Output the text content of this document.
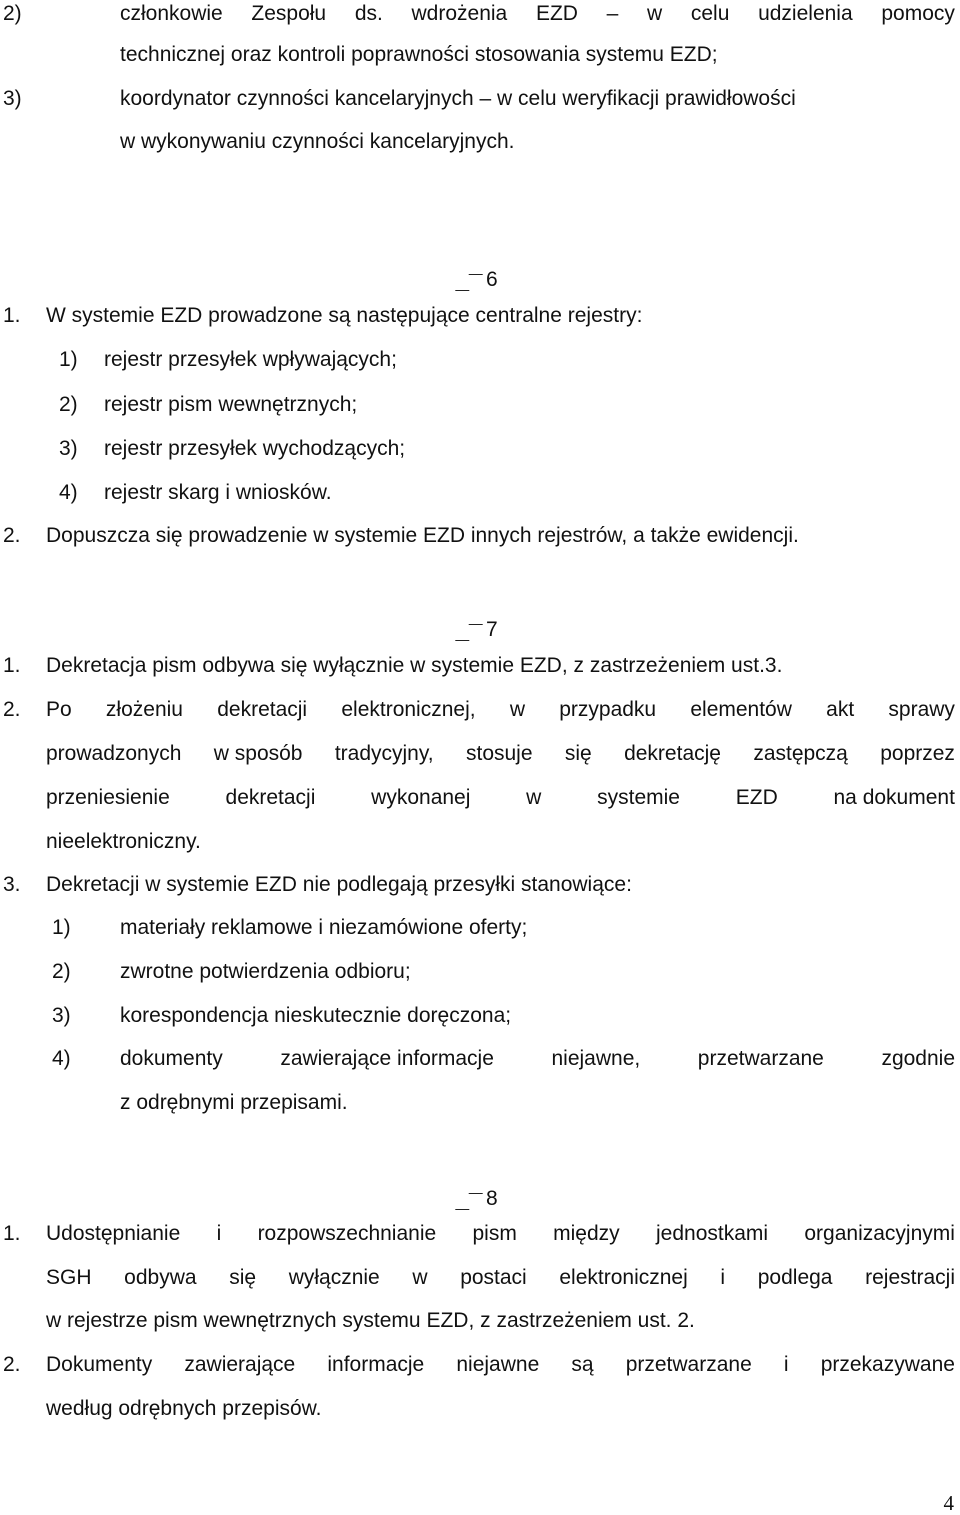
2)	członkowie Zespołu ds. wdrożenia EZD – w celu udzielenia pomocy
technicznej oraz kontroli poprawności stosowania systemu EZD;
3)	koordynator czynności kancelaryjnych – w celu weryfikacji prawidłowości
w wykonywaniu czynności kancelaryjnych.
6
1. W systemie EZD prowadzone są następujące centralne rejestry:
1) rejestr przesyłek wpływających;
2) rejestr pism wewnętrznych;
3) rejestr przesyłek wychodzących;
4) rejestr skarg i wniosków.
2. Dopuszcza się prowadzenie w systemie EZD innych rejestrów, a także ewidencji.
7
1. Dekretacja pism odbywa się wyłącznie w systemie EZD, z zastrzeżeniem ust.3.
2. Po złożeniu dekretacji elektronicznej, w przypadku elementów akt sprawy
prowadzonych w sposób tradycyjny, stosuje się dekretację zastępczą poprzez
przeniesienie	dekretacji	wykonanej	w	systemie	EZD	na dokument
nieelektroniczny.
3. Dekretacji w systemie EZD nie podlegają przesyłki stanowiące:
1) materiały reklamowe i niezamówione oferty;
2) zwrotne potwierdzenia odbioru;
3) korespondencja nieskutecznie doręczona;
4) dokumenty	zawierające informacje	niejawne,	przetwarzane	zgodnie
z odrębnymi przepisami.
8
1. Udostępnianie i rozpowszechnianie pism między jednostkami organizacyjnymi
SGH odbywa się wyłącznie w postaci elektronicznej i podlega rejestracji
w rejestrze pism wewnętrznych systemu EZD, z zastrzeżeniem ust. 2.
2. Dokumenty zawierające informacje niejawne są przetwarzane i przekazywane
według odrębnych przepisów.
4
